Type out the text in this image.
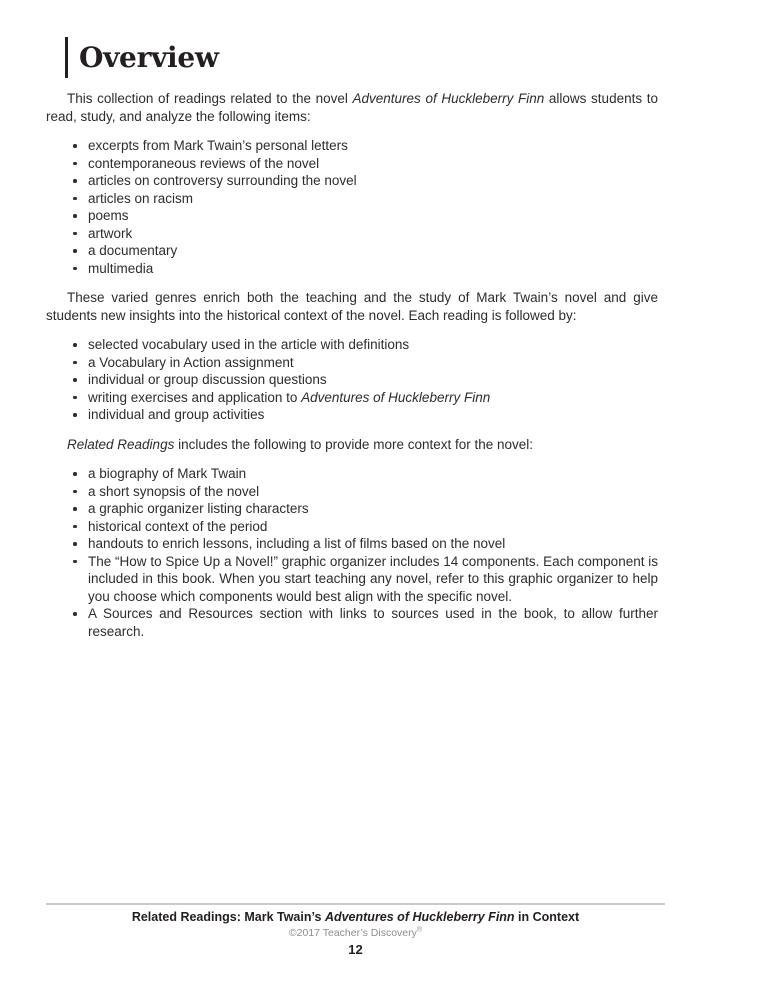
Overview

This collection of readings related to the novel Adventures of Huckleberry Finn allows students to read, study, and analyze the following items:

excerpts from Mark Twain’s personal letters
contemporaneous reviews of the novel
articles on controversy surrounding the novel
articles on racism
poems
artwork
a documentary
multimedia

These varied genres enrich both the teaching and the study of Mark Twain’s novel and give students new insights into the historical context of the novel. Each reading is followed by:

selected vocabulary used in the article with definitions
a Vocabulary in Action assignment
individual or group discussion questions
writing exercises and application to Adventures of Huckleberry Finn
individual and group activities

Related Readings includes the following to provide more context for the novel:

a biography of Mark Twain
a short synopsis of the novel
a graphic organizer listing characters
historical context of the period
handouts to enrich lessons, including a list of films based on the novel
The “How to Spice Up a Novel!” graphic organizer includes 14 components. Each component is included in this book. When you start teaching any novel, refer to this graphic organizer to help you choose which components would best align with the specific novel.
A Sources and Resources section with links to sources used in the book, to allow further research.
Related Readings: Mark Twain’s Adventures of Huckleberry Finn in Context
©2017 Teacher’s Discovery®
12
